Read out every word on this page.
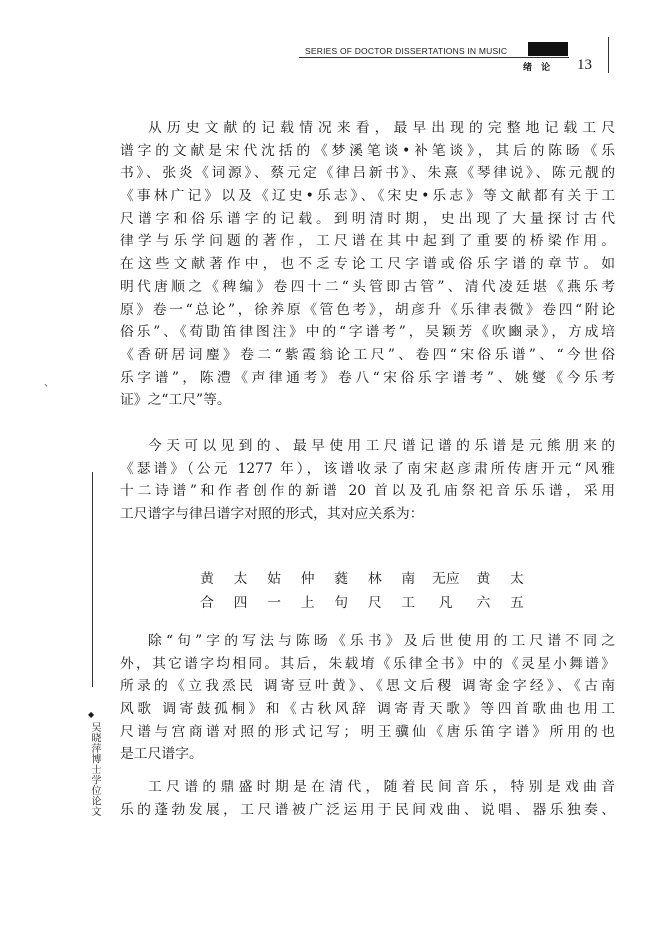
SERIES OF DOCTOR DISSERTATIONS IN MUSIC
绪 论 13
、
从历史文献的记载情况来看，最早出现的完整地记载工尺
谱字的文献是宋代沈括的《梦溪笔谈•补笔谈》，其后的陈旸《乐
书》、张炎《词源》、蔡元定《律吕新书》、朱熹《琴律说》、陈元靓的
《事林广记》以及《辽史•乐志》、《宋史•乐志》等文献都有关于工
尺谱字和俗乐谱字的记载。到明清时期，史出现了大量探讨古代
律学与乐学问题的著作，工尺谱在其中起到了重要的桥梁作用。
在这些文献著作中，也不乏专论工尺字谱或俗乐字谱的章节。如
明代唐顺之《稗编》卷四十二“头管即古管”、清代凌廷堪《燕乐考
原》卷一“总论”，徐养原《管色考》，胡彦升《乐律表微》卷四“附论
俗乐”、《荀勖笛律图注》中的“字谱考”，吴颖芳《吹豳录》，方成培
《香研居词麈》卷二“紫霞翁论工尺”、卷四“宋俗乐谱”、“今世俗
乐字谱”，陈澧《声律通考》卷八“宋俗乐字谱考”、姚燮《今乐考
证》之“工尺”等。
今天可以见到的、最早使用工尺谱记谱的乐谱是元熊朋来的
《瑟谱》（公元 1277 年），该谱收录了南宋赵彦肃所传唐开元“风雅
十二诗谱”和作者创作的新谱 20 首以及孔庙祭祀音乐乐谱，采用
工尺谱字与律吕谱字对照的形式，其对应关系为：
黄	太	姑	仲	蕤	林	南	无应	黄	太
合	四	一	上	句	尺	工	凡	六	五
除“句”字的写法与陈旸《乐书》及后世使用的工尺谱不同之
外，其它谱字均相同。其后，朱载堉《乐律全书》中的《灵星小舞谱》
所录的《立我烝民 调寄豆叶黄》、《思文后稷 调寄金字经》、《古南
风歌 调寄鼓孤桐》和《古秋风辞 调寄青天歌》等四首歌曲也用工
尺谱与宫商谱对照的形式记写；明王骥仙《唐乐笛字谱》所用的也
是工尺谱字。
工尺谱的鼎盛时期是在清代，随着民间音乐，特别是戏曲音
乐的蓬勃发展，工尺谱被广泛运用于民间戏曲、说唱、器乐独奏、
◆
吴晓萍博士学位论文
